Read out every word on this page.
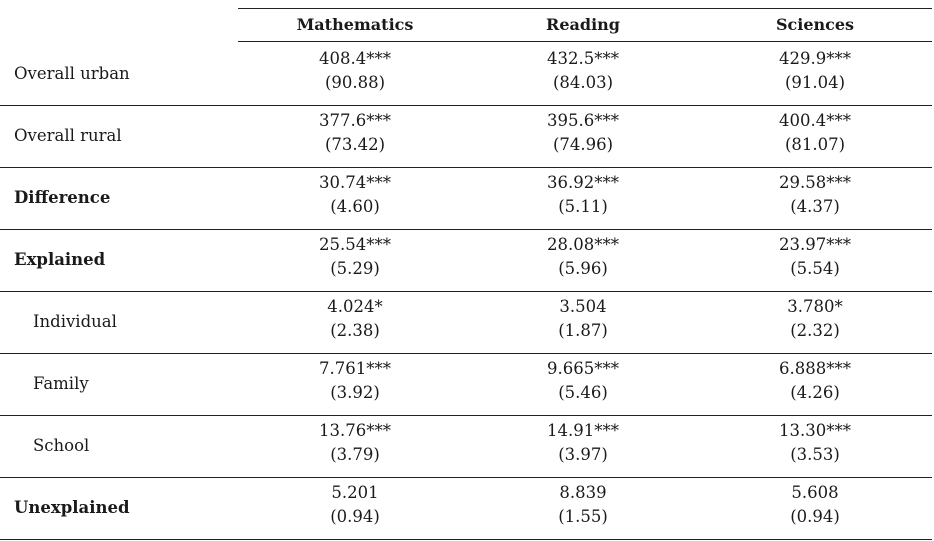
Mathematics	Reading	Sciences
Overall urban
408.4***
(90.88)
432.5***
(84.03)
429.9***
(91.04)
Overall rural
377.6***
(73.42)
395.6***
(74.96)
400.4***
(81.07)
Difference
30.74***
(4.60)
36.92***
(5.11)
29.58***
(4.37)
Explained
25.54***
(5.29)
28.08***
(5.96)
23.97***
(5.54)
Individual
4.024*
(2.38)
3.504
(1.87)
3.780*
(2.32)
Family
7.761***
(3.92)
9.665***
(5.46)
6.888***
(4.26)
School
13.76***
(3.79)
14.91***
(3.97)
13.30***
(3.53)
Unexplained
5.201
(0.94)
8.839
(1.55)
5.608
(0.94)
